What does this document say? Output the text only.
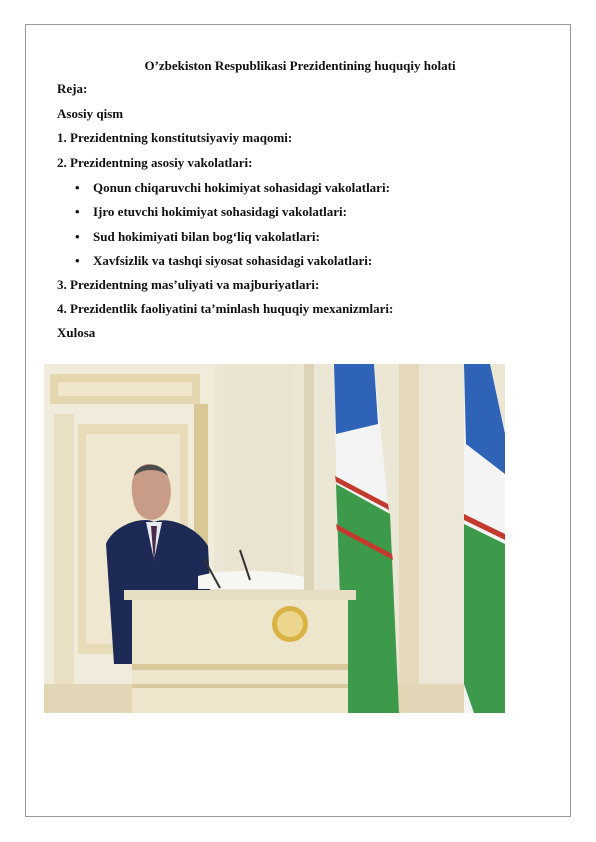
O’zbekiston Respublikasi Prezidentining huquqiy holati
Reja:
Asosiy qism
1. Prezidentning konstitutsiyaviy maqomi:
2. Prezidentning asosiy vakolatlari:
• Qonun chiqaruvchi hokimiyat sohasidagi vakolatlari:
• Ijro etuvchi hokimiyat sohasidagi vakolatlari:
• Sud hokimiyati bilan bog‘liq vakolatlari:
• Xavfsizlik va tashqi siyosat sohasidagi vakolatlari:
3. Prezidentning mas’uliyati va majburiyatlari:
4. Prezidentlik faoliyatini ta’minlash huquqiy mexanizmlari:
Xulosa
